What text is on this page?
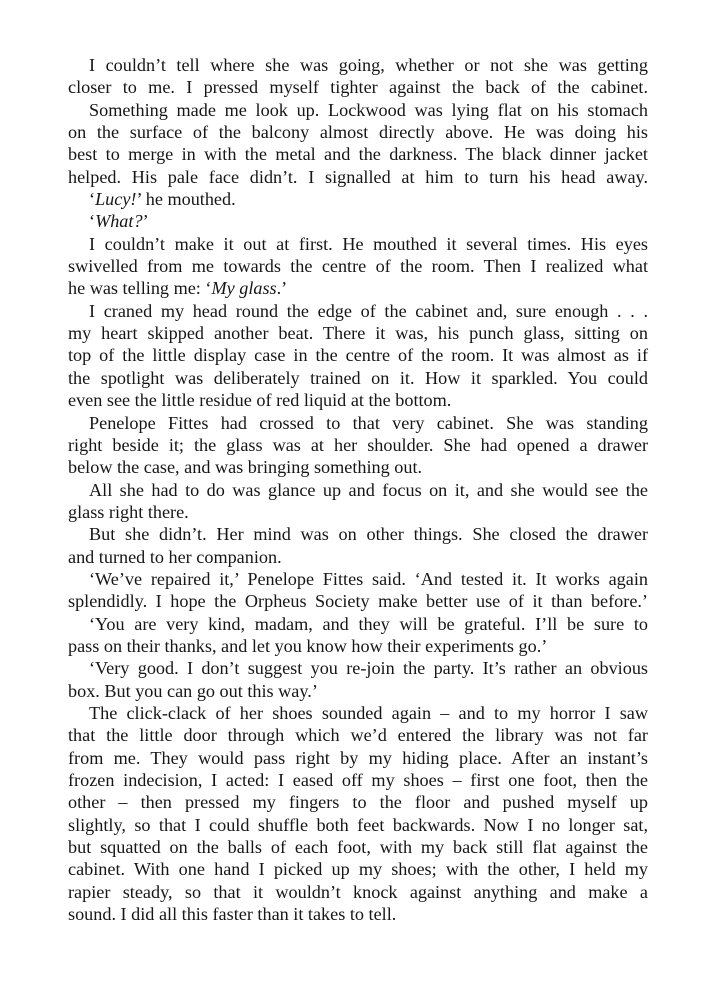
I couldn’t tell where she was going, whether or not she was getting
closer to me. I pressed myself tighter against the back of the cabinet.
Something made me look up. Lockwood was lying flat on his stomach
on the surface of the balcony almost directly above. He was doing his
best to merge in with the metal and the darkness. The black dinner jacket
helped. His pale face didn’t. I signalled at him to turn his head away.
‘Lucy!’ he mouthed.
‘What?’
I couldn’t make it out at first. He mouthed it several times. His eyes
swivelled from me towards the centre of the room. Then I realized what
he was telling me: ‘My glass.’
I craned my head round the edge of the cabinet and, sure enough . . .
my heart skipped another beat. There it was, his punch glass, sitting on
top of the little display case in the centre of the room. It was almost as if
the spotlight was deliberately trained on it. How it sparkled. You could
even see the little residue of red liquid at the bottom.
Penelope Fittes had crossed to that very cabinet. She was standing
right beside it; the glass was at her shoulder. She had opened a drawer
below the case, and was bringing something out.
All she had to do was glance up and focus on it, and she would see the
glass right there.
But she didn’t. Her mind was on other things. She closed the drawer
and turned to her companion.
‘We’ve repaired it,’ Penelope Fittes said. ‘And tested it. It works again
splendidly. I hope the Orpheus Society make better use of it than before.’
‘You are very kind, madam, and they will be grateful. I’ll be sure to
pass on their thanks, and let you know how their experiments go.’
‘Very good. I don’t suggest you re-join the party. It’s rather an obvious
box. But you can go out this way.’
The click-clack of her shoes sounded again – and to my horror I saw
that the little door through which we’d entered the library was not far
from me. They would pass right by my hiding place. After an instant’s
frozen indecision, I acted: I eased off my shoes – first one foot, then the
other – then pressed my fingers to the floor and pushed myself up
slightly, so that I could shuffle both feet backwards. Now I no longer sat,
but squatted on the balls of each foot, with my back still flat against the
cabinet. With one hand I picked up my shoes; with the other, I held my
rapier steady, so that it wouldn’t knock against anything and make a
sound. I did all this faster than it takes to tell.
